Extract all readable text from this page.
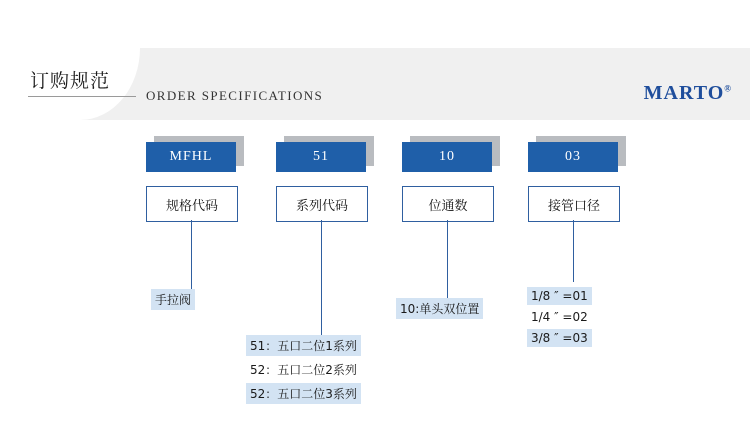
订购规范
ORDER SPECIFICATIONS	MARTO®
MFHL
规格代码
手拉阀
51
系列代码
51：五口二位1系列
52：五口二位2系列
52：五口二位3系列
10
位通数
10:单头双位置
03
接管口径
1/8 ″ =01
1/4 ″ =02
3/8 ″ =03
